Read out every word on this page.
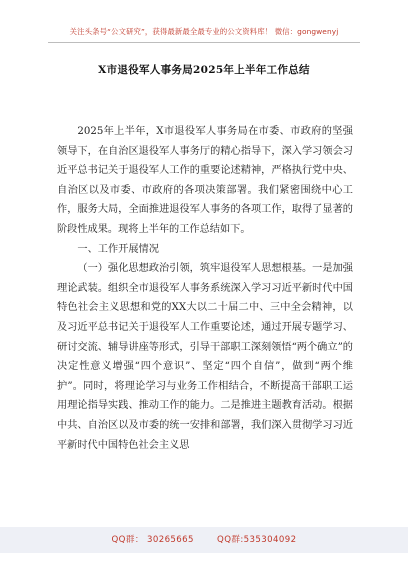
关注头条号“公文研究”，获得最新最全最专业的公文资料库！ 微信：gongwenyj
X市退役军人事务局2025年上半年工作总结

2025年上半年，X市退役军人事务局在市委、市政府的坚强领导下，在自治区退役军人事务厅的精心指导下，深入学习领会习近平总书记关于退役军人工作的重要论述精神，严格执行党中央、自治区以及市委、市政府的各项决策部署。我们紧密围绕中心工作，服务大局，全面推进退役军人事务的各项工作，取得了显著的阶段性成果。现将上半年的工作总结如下。

一、工作开展情况

（一）强化思想政治引领，筑牢退役军人思想根基。一是加强理论武装。组织全市退役军人事务系统深入学习习近平新时代中国特色社会主义思想和党的XX大以二十届二中、三中全会精神，以及习近平总书记关于退役军人工作重要论述，通过开展专题学习、研讨交流、辅导讲座等形式，引导干部职工深刻领悟“两个确立”的决定性意义增强“四个意识”、坚定“四个自信”，做到“两个维护”。同时，将理论学习与业务工作相结合，不断提高干部职工运用理论指导实践、推动工作的能力。二是推进主题教育活动。根据中共、自治区以及市委的统一安排和部署，我们深入贯彻学习习近平新时代中国特色社会主义思

QQ群： 30265665	QQ群:535304092
